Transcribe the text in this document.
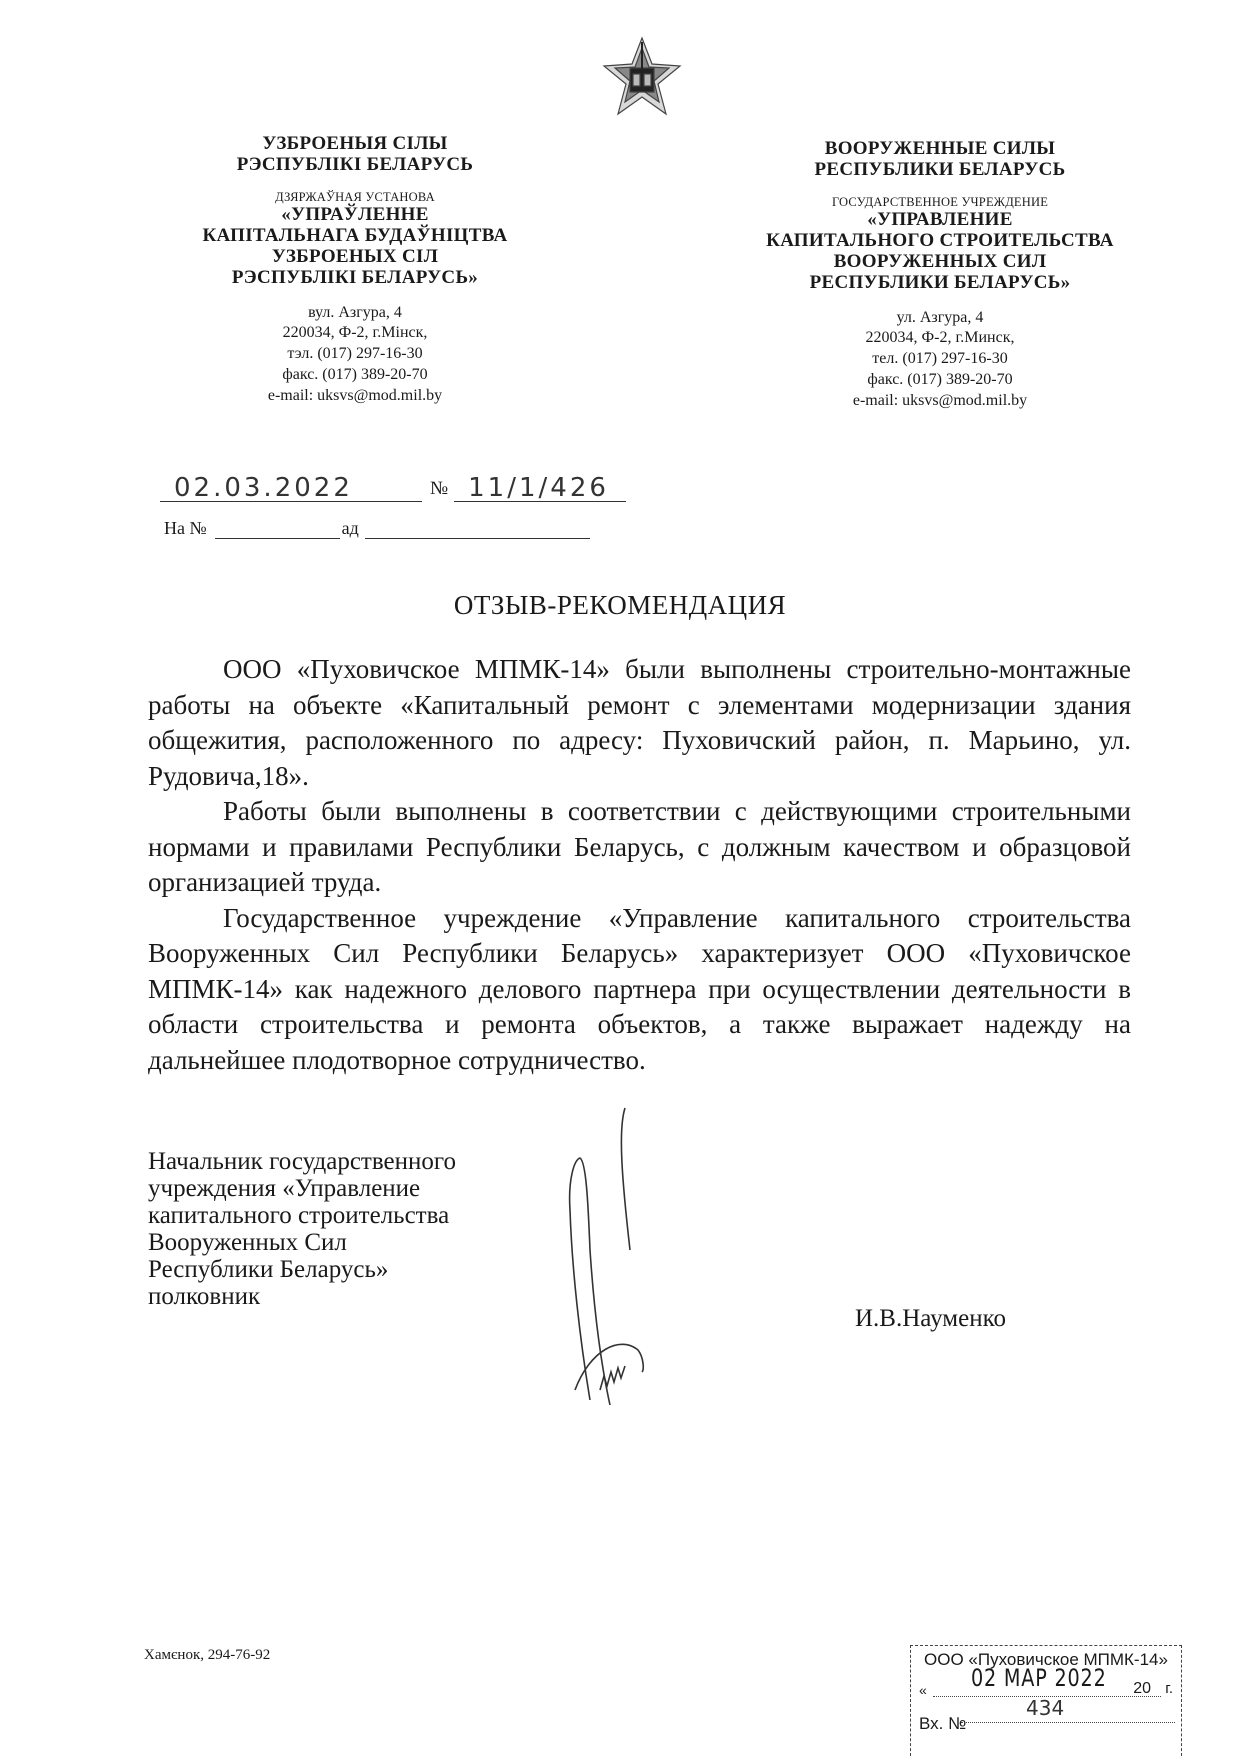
УЗБРОЕНЫЯ СІЛЫ
РЭСПУБЛІКІ БЕЛАРУСЬ
ДЗЯРЖАЎНАЯ УСТАНОВА
«УПРАЎЛЕННЕ
КАПІТАЛЬНАГА БУДАЎНІЦТВА
УЗБРОЕНЫХ СІЛ
РЭСПУБЛІКІ БЕЛАРУСЬ»
вул. Азгура, 4
220034, Ф-2, г.Мінск,
тэл. (017) 297-16-30
факс. (017) 389-20-70
e-mail: uksvs@mod.mil.by
ВООРУЖЕННЫЕ СИЛЫ
РЕСПУБЛИКИ БЕЛАРУСЬ
ГОСУДАРСТВЕННОЕ УЧРЕЖДЕНИЕ
«УПРАВЛЕНИЕ
КАПИТАЛЬНОГО СТРОИТЕЛЬСТВА
ВООРУЖЕННЫХ СИЛ
РЕСПУБЛИКИ БЕЛАРУСЬ»
ул. Азгура, 4
220034, Ф-2, г.Минск,
тел. (017) 297-16-30
факс. (017) 389-20-70
e-mail: uksvs@mod.mil.by
02.03.2022	№ 11/1/426
На №	ад
ОТЗЫВ-РЕКОМЕНДАЦИЯ

ООО «Пуховичское МПМК-14» были выполнены строительно-монтажные работы на объекте «Капитальный ремонт с элементами модернизации здания общежития, расположенного по адресу: Пуховичский район, п. Марьино, ул. Рудовича,18».

Работы были выполнены в соответствии с действующими строительными нормами и правилами Республики Беларусь, с должным качеством и образцовой организацией труда.

Государственное учреждение «Управление капитального строительства Вооруженных Сил Республики Беларусь» характеризует ООО «Пуховичское МПМК-14» как надежного делового партнера при осуществлении деятельности в области строительства и ремонта объектов, а также выражает надежду на дальнейшее плодотворное сотрудничество.

Начальник государственного
учреждения «Управление
капитального строительства
Вооруженных Сил
Республики Беларусь»
полковник
И.В.Науменко
Хамєнок, 294-76-92	ООО «Пуховичское МПМК-14»
« 02 МАР 2022 20 г.
Вх. №
434
